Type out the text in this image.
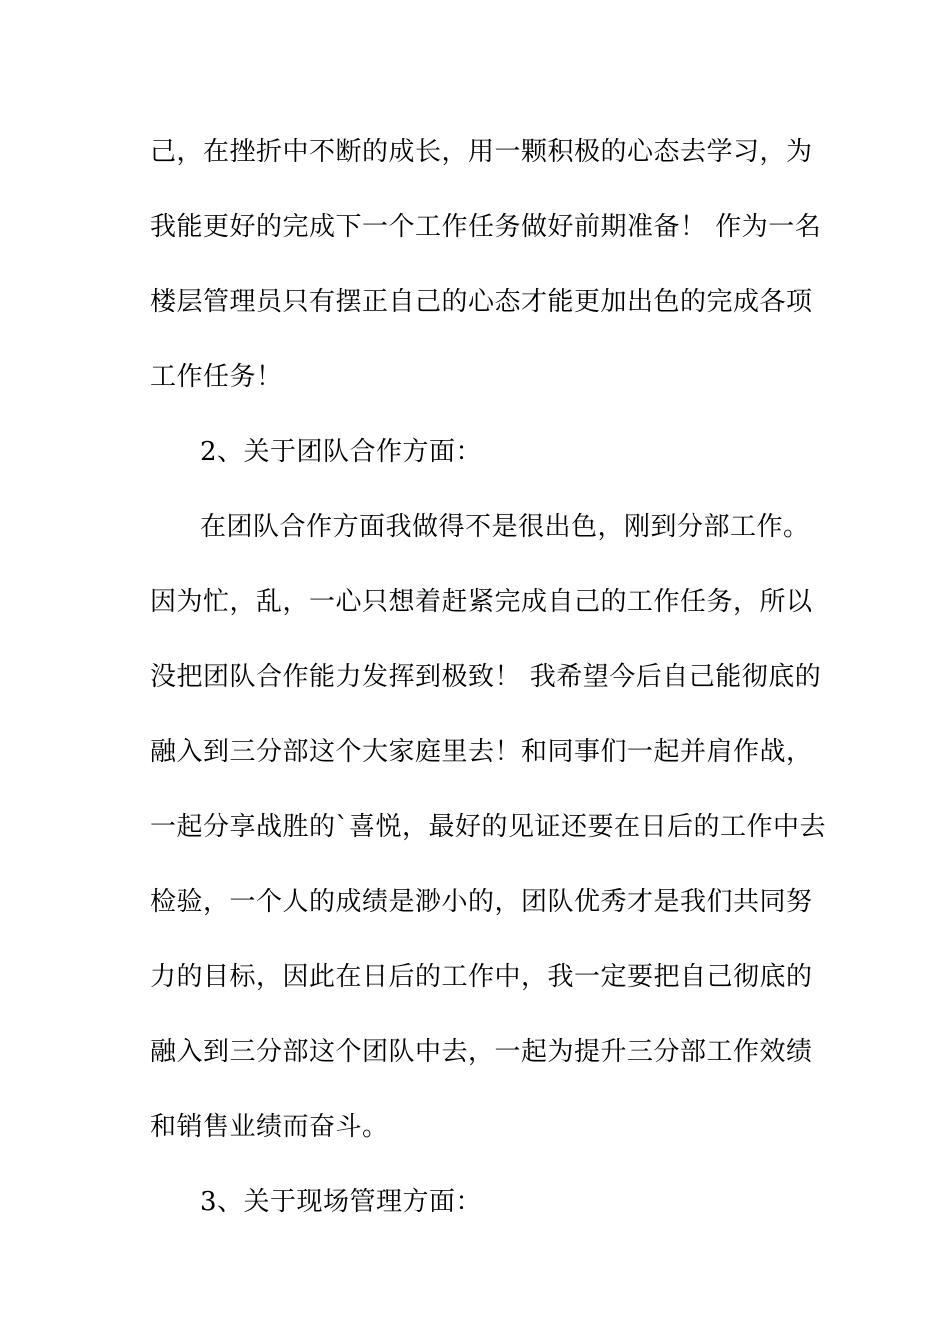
己，在挫折中不断的成长，用一颗积极的心态去学习，为
我能更好的完成下一个工作任务做好前期准备！ 作为一名
楼层管理员只有摆正自己的心态才能更加出色的完成各项
工作任务！
2、关于团队合作方面：
在团队合作方面我做得不是很出色，刚到分部工作。
因为忙，乱，一心只想着赶紧完成自己的工作任务，所以
没把团队合作能力发挥到极致！ 我希望今后自己能彻底的
融入到三分部这个大家庭里去！和同事们一起并肩作战，
一起分享战胜的`喜悦，最好的见证还要在日后的工作中去
检验，一个人的成绩是渺小的，团队优秀才是我们共同努
力的目标，因此在日后的工作中，我一定要把自己彻底的
融入到三分部这个团队中去，一起为提升三分部工作效绩
和销售业绩而奋斗。
3、关于现场管理方面：
